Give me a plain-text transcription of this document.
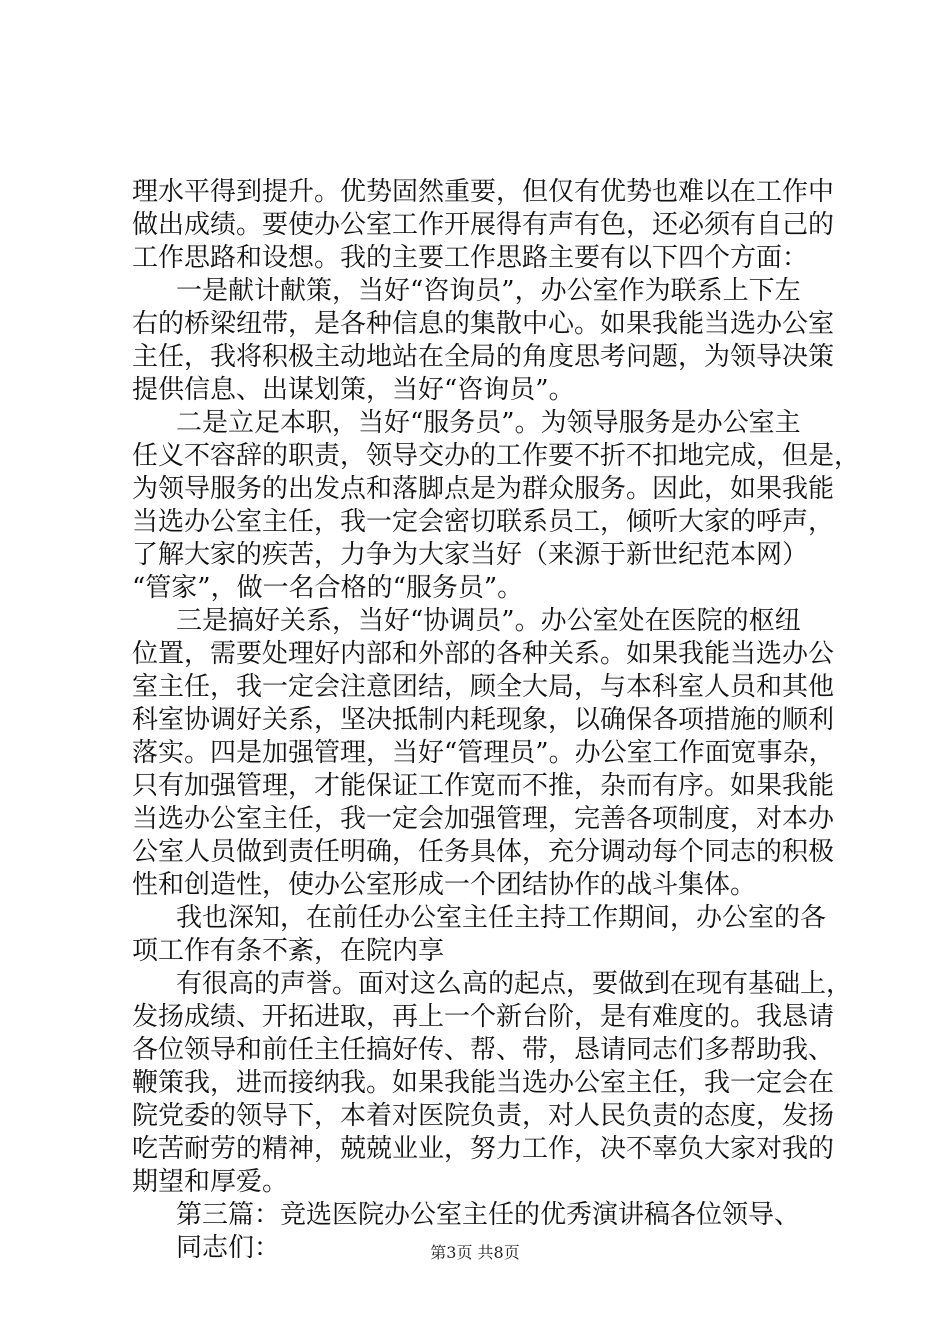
理水平得到提升。优势固然重要，但仅有优势也难以在工作中
做出成绩。要使办公室工作开展得有声有色，还必须有自己的
工作思路和设想。我的主要工作思路主要有以下四个方面：
一是献计献策，当好“咨询员”，办公室作为联系上下左
右的桥梁纽带，是各种信息的集散中心。如果我能当选办公室
主任，我将积极主动地站在全局的角度思考问题，为领导决策
提供信息、出谋划策，当好“咨询员”。
二是立足本职，当好“服务员”。为领导服务是办公室主
任义不容辞的职责，领导交办的工作要不折不扣地完成，但是，
为领导服务的出发点和落脚点是为群众服务。因此，如果我能
当选办公室主任，我一定会密切联系员工，倾听大家的呼声，
了解大家的疾苦，力争为大家当好（来源于新世纪范本网）
“管家”，做一名合格的“服务员”。
三是搞好关系，当好“协调员”。办公室处在医院的枢纽
位置，需要处理好内部和外部的各种关系。如果我能当选办公
室主任，我一定会注意团结，顾全大局，与本科室人员和其他
科室协调好关系，坚决抵制内耗现象，以确保各项措施的顺利
落实。四是加强管理，当好“管理员”。办公室工作面宽事杂，
只有加强管理，才能保证工作宽而不推，杂而有序。如果我能
当选办公室主任，我一定会加强管理，完善各项制度，对本办
公室人员做到责任明确，任务具体，充分调动每个同志的积极
性和创造性，使办公室形成一个团结协作的战斗集体。
我也深知，在前任办公室主任主持工作期间，办公室的各
项工作有条不紊，在院内享
有很高的声誉。面对这么高的起点，要做到在现有基础上，
发扬成绩、开拓进取，再上一个新台阶，是有难度的。我恳请
各位领导和前任主任搞好传、帮、带，恳请同志们多帮助我、
鞭策我，进而接纳我。如果我能当选办公室主任，我一定会在
院党委的领导下，本着对医院负责，对人民负责的态度，发扬
吃苦耐劳的精神，兢兢业业，努力工作，决不辜负大家对我的
期望和厚爱。
第三篇：竞选医院办公室主任的优秀演讲稿各位领导、
同志们：	第3页 共8页
